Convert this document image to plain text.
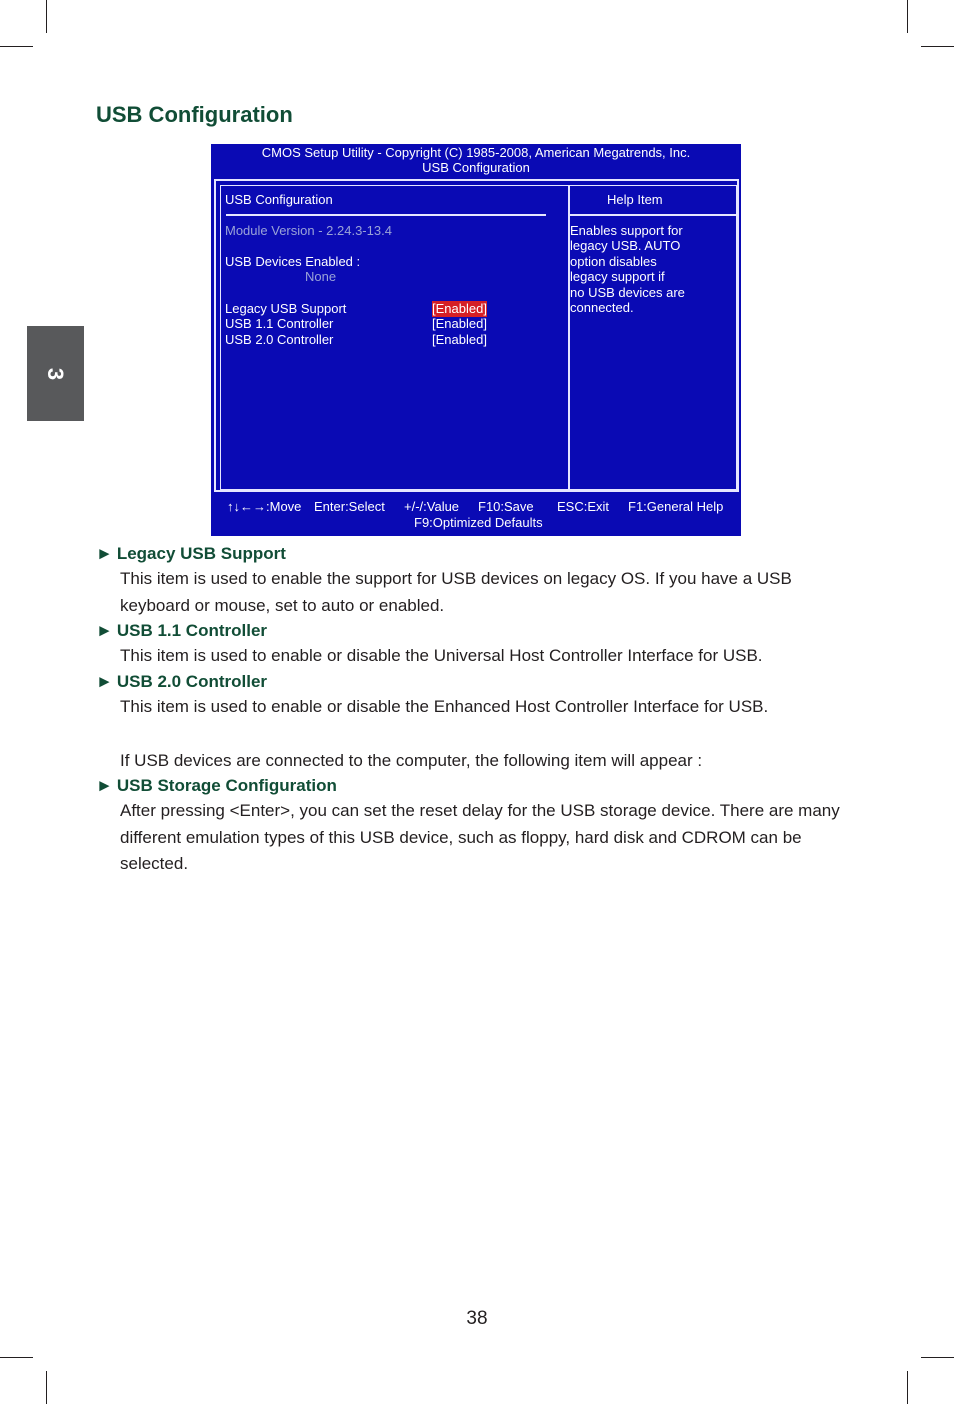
3
USB Configuration
CMOS Setup Utility - Copyright (C) 1985-2008, American Megatrends, Inc.
USB Configuration
USB Configuration
Module Version - 2.24.3-13.4
USB Devices Enabled :
None
Legacy USB Support	[Enabled]
USB 1.1 Controller	[Enabled]
USB 2.0 Controller	[Enabled]
Help Item
Enables support for
legacy USB. AUTO
option disables
legacy support if
no USB devices are
connected.
↑↓←→:Move Enter:Select +/-/:Value F10:Save ESC:Exit F1:General Help
F9:Optimized Defaults

► Legacy USB Support

This item is used to enable the support for USB devices on legacy OS. If you have a USB keyboard or mouse, set to auto or enabled.

► USB 1.1 Controller

This item is used to enable or disable the Universal Host Controller Interface for USB.

► USB 2.0 Controller

This item is used to enable or disable the Enhanced Host Controller Interface for USB.

If USB devices are connected to the computer, the following item will appear :

► USB Storage Configuration

After pressing <Enter>, you can set the reset delay for the USB storage device. There are many different emulation types of this USB device, such as floppy, hard disk and CDROM can be selected.

38
